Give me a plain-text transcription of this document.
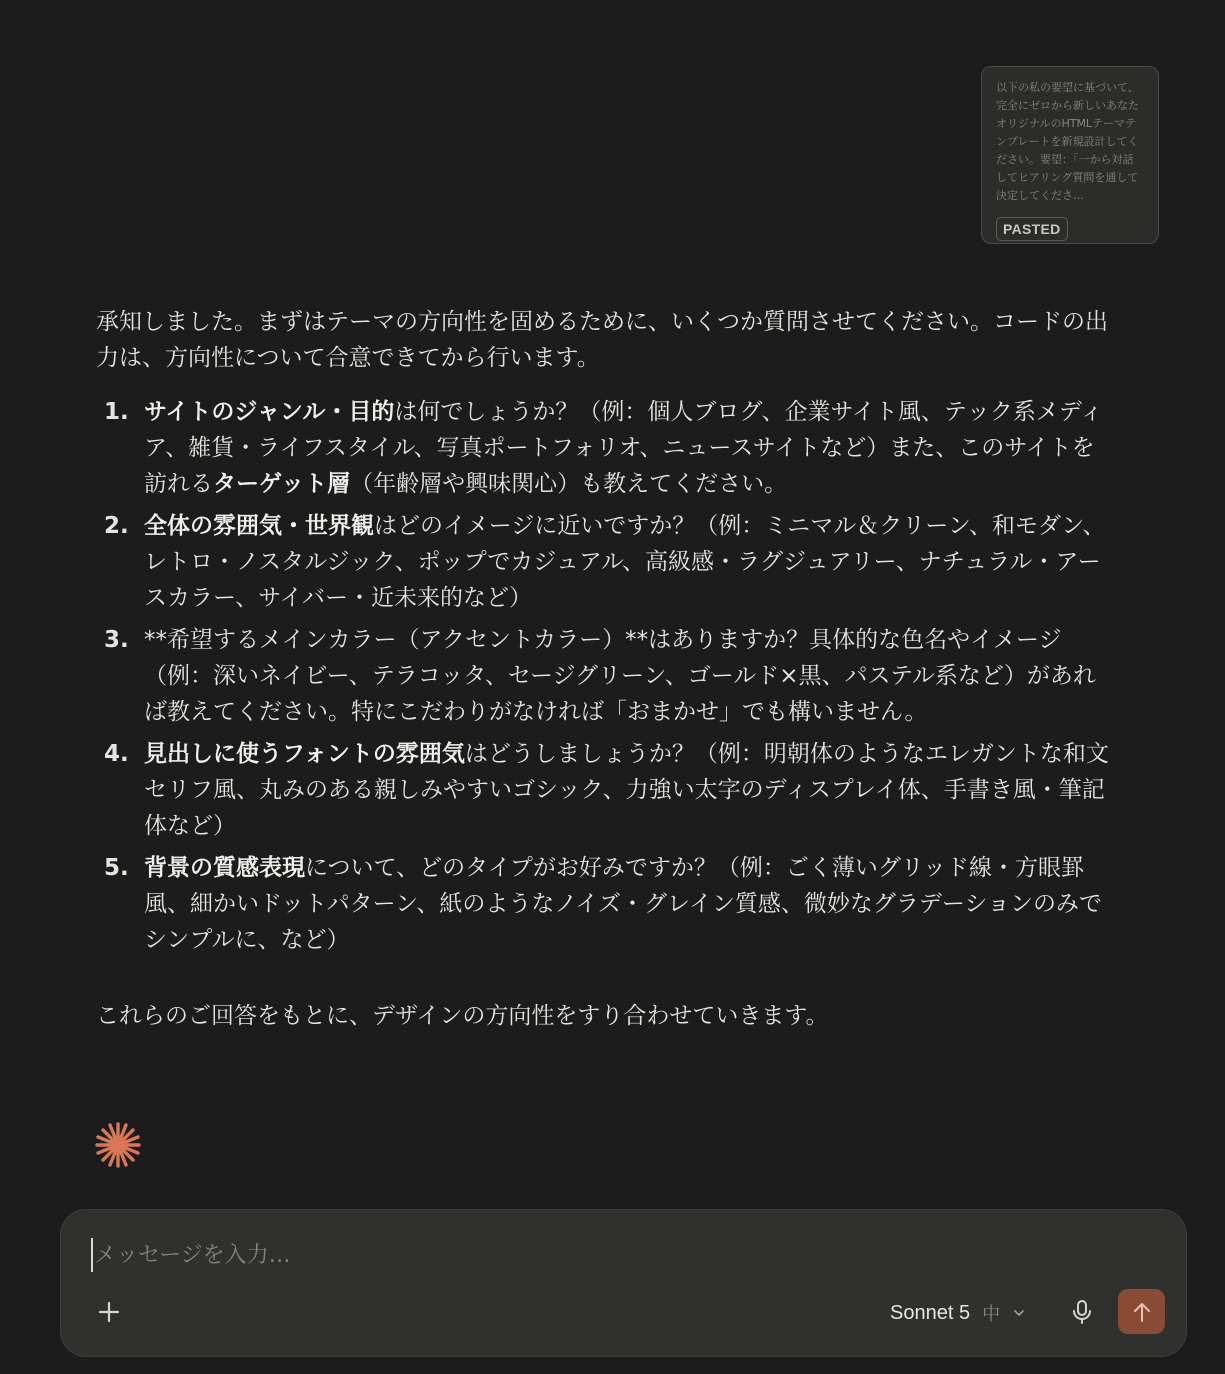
以下の私の要望に基づいて、完全にゼロから新しいあなたオリジナルのHTMLテーマテンプレートを新規設計してください。要望：「一から対話してヒアリング質問を通して決定してくださ…
PASTED

承知しました。まずはテーマの方向性を固めるために、いくつか質問させてください。コードの出力は、方向性について合意できてから行います。

1. サイトのジャンル・目的は何でしょうか？（例：個人ブログ、企業サイト風、テック系メディア、雑貨・ライフスタイル、写真ポートフォリオ、ニュースサイトなど）また、このサイトを訪れるターゲット層（年齢層や興味関心）も教えてください。
2. 全体の雰囲気・世界観はどのイメージに近いですか？（例：ミニマル＆クリーン、和モダン、レトロ・ノスタルジック、ポップでカジュアル、高級感・ラグジュアリー、ナチュラル・アースカラー、サイバー・近未来的など）
3. **希望するメインカラー（アクセントカラー）**はありますか？具体的な色名やイメージ（例：深いネイビー、テラコッタ、セージグリーン、ゴールド×黒、パステル系など）があれば教えてください。特にこだわりがなければ「おまかせ」でも構いません。
4. 見出しに使うフォントの雰囲気はどうしましょうか？（例：明朝体のようなエレガントな和文セリフ風、丸みのある親しみやすいゴシック、力強い太字のディスプレイ体、手書き風・筆記体など）
5. 背景の質感表現について、どのタイプがお好みですか？（例：ごく薄いグリッド線・方眼罫風、細かいドットパターン、紙のようなノイズ・グレイン質感、微妙なグラデーションのみでシンプルに、など）

これらのご回答をもとに、デザインの方向性をすり合わせていきます。

メッセージを入力…
Sonnet 5 中
